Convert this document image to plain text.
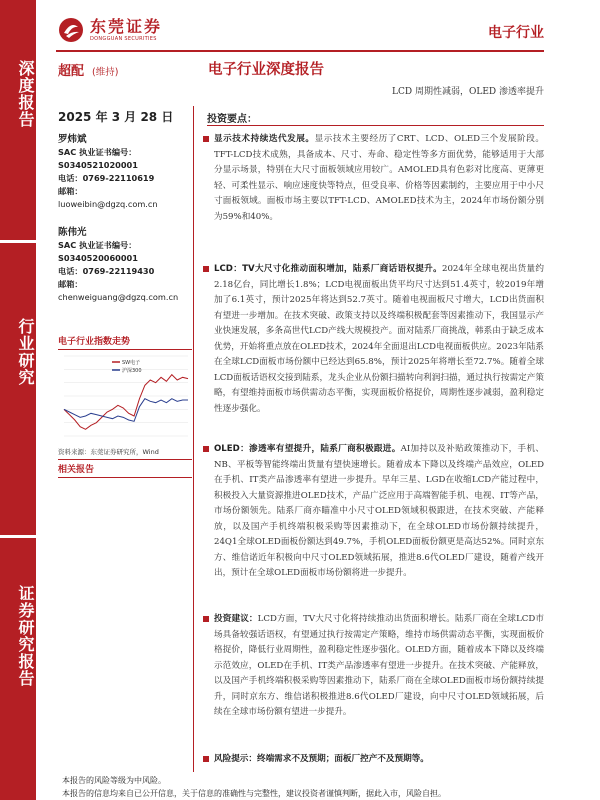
深度报告
行业研究
证券研究报告
东莞证券
DONGGUAN SECURITIES	电子行业
超配 (维持)	电子行业深度报告
LCD 周期性减弱，OLED 渗透率提升
2025 年 3 月 28 日
罗炜斌
SAC 执业证书编号：
S0340521020001
电话：0769-22110619
邮箱：
luoweibin@dgzq.com.cn
陈伟光
SAC 执业证书编号：
S0340520060001
电话：0769-22119430
邮箱：
chenweiguang@dgzq.com.cn
电子行业指数走势
SW电子
沪深300
资料来源：东莞证券研究所，Wind
相关报告
投资要点：
显示技术持续迭代发展。显示技术主要经历了CRT、LCD、OLED三个发展阶段。TFT-LCD技术成熟，具备成本、尺寸、寿命、稳定性等多方面优势，能够适用于大部分显示场景，特别在大尺寸面板领域应用较广。AMOLED具有色彩对比度高、更薄更轻、可柔性显示、响应速度快等特点，但受良率、价格等因素制约，主要应用于中小尺寸面板领域。面板市场主要以TFT-LCD、AMOLED技术为主，2024年市场份额分别为59%和40%。
LCD：TV大尺寸化推动面积增加，陆系厂商话语权提升。2024年全球电视出货量约2.18亿台，同比增长1.8%；LCD电视面板出货平均尺寸达到51.4英寸，较2019年增加了6.1英寸，预计2025年将达到52.7英寸。随着电视面板尺寸增大，LCD出货面积有望进一步增加。在技术突破、政策支持以及终端积极配套等因素推动下，我国显示产业快速发展，多条高世代LCD产线大规模投产。面对陆系厂商挑战，韩系由于缺乏成本优势，开始将重点放在OLED技术，2024年全面退出LCD电视面板供应。2023年陆系在全球LCD面板市场份额中已经达到65.8%，预计2025年将增长至72.7%。随着全球LCD面板话语权交接到陆系，龙头企业从份额扫描转向利润扫描，通过执行按需定产策略，有望维持面板市场供需动态平衡，实现面板价格捉价，周期性逐步减弱，盈利稳定性逐步强化。
OLED：渗透率有望提升，陆系厂商积极跟进。AI加持以及补贴政策推动下，手机、NB、平板等智能终端出货量有望快速增长。随着成本下降以及终端产品效应，OLED在手机、IT类产品渗透率有望进一步提升。早年三星、LGD在收缩LCD产能过程中，积极投入大量资源推进OLED技术，产品广泛应用于高端智能手机、电视、IT等产品，市场份额领先。陆系厂商亦瞄准中小尺寸OLED领域积极跟进，在技术突破、产能释放，以及国产手机终端积极采购等因素推动下，在全球OLED市场份额持续提升，24Q1全球OLED面板份额达到49.7%，手机OLED面板份额更是高达52%。同时京东方、维信诺近年积极向中尺寸OLED领域拓展，推进8.6代OLED厂建设，随着产线开出，预计在全球OLED面板市场份额将进一步提升。
投资建议：LCD方面，TV大尺寸化将持续推动出货面积增长。陆系厂商在全球LCD市场具备较强话语权，有望通过执行按需定产策略，维持市场供需动态平衡，实现面板价格捉价，降低行业周期性，盈利稳定性逐步强化。OLED方面，随着成本下降以及终端示范效应，OLED在手机、IT类产品渗透率有望进一步提升。在技术突破、产能释放，以及国产手机终端积极采购等因素推动下，陆系厂商在全球OLED面板市场份额持续提升，同时京东方、维信诺积极推进8.6代OLED厂建设，向中尺寸OLED领域拓展，后续在全球市场份额有望进一步提升。
风险提示：终端需求不及预期；面板厂控产不及预期等。
本报告的风险等级为中风险。
本报告的信息均来自已公开信息，关于信息的准确性与完整性，建议投资者谨慎判断，据此入市，风险自担。
